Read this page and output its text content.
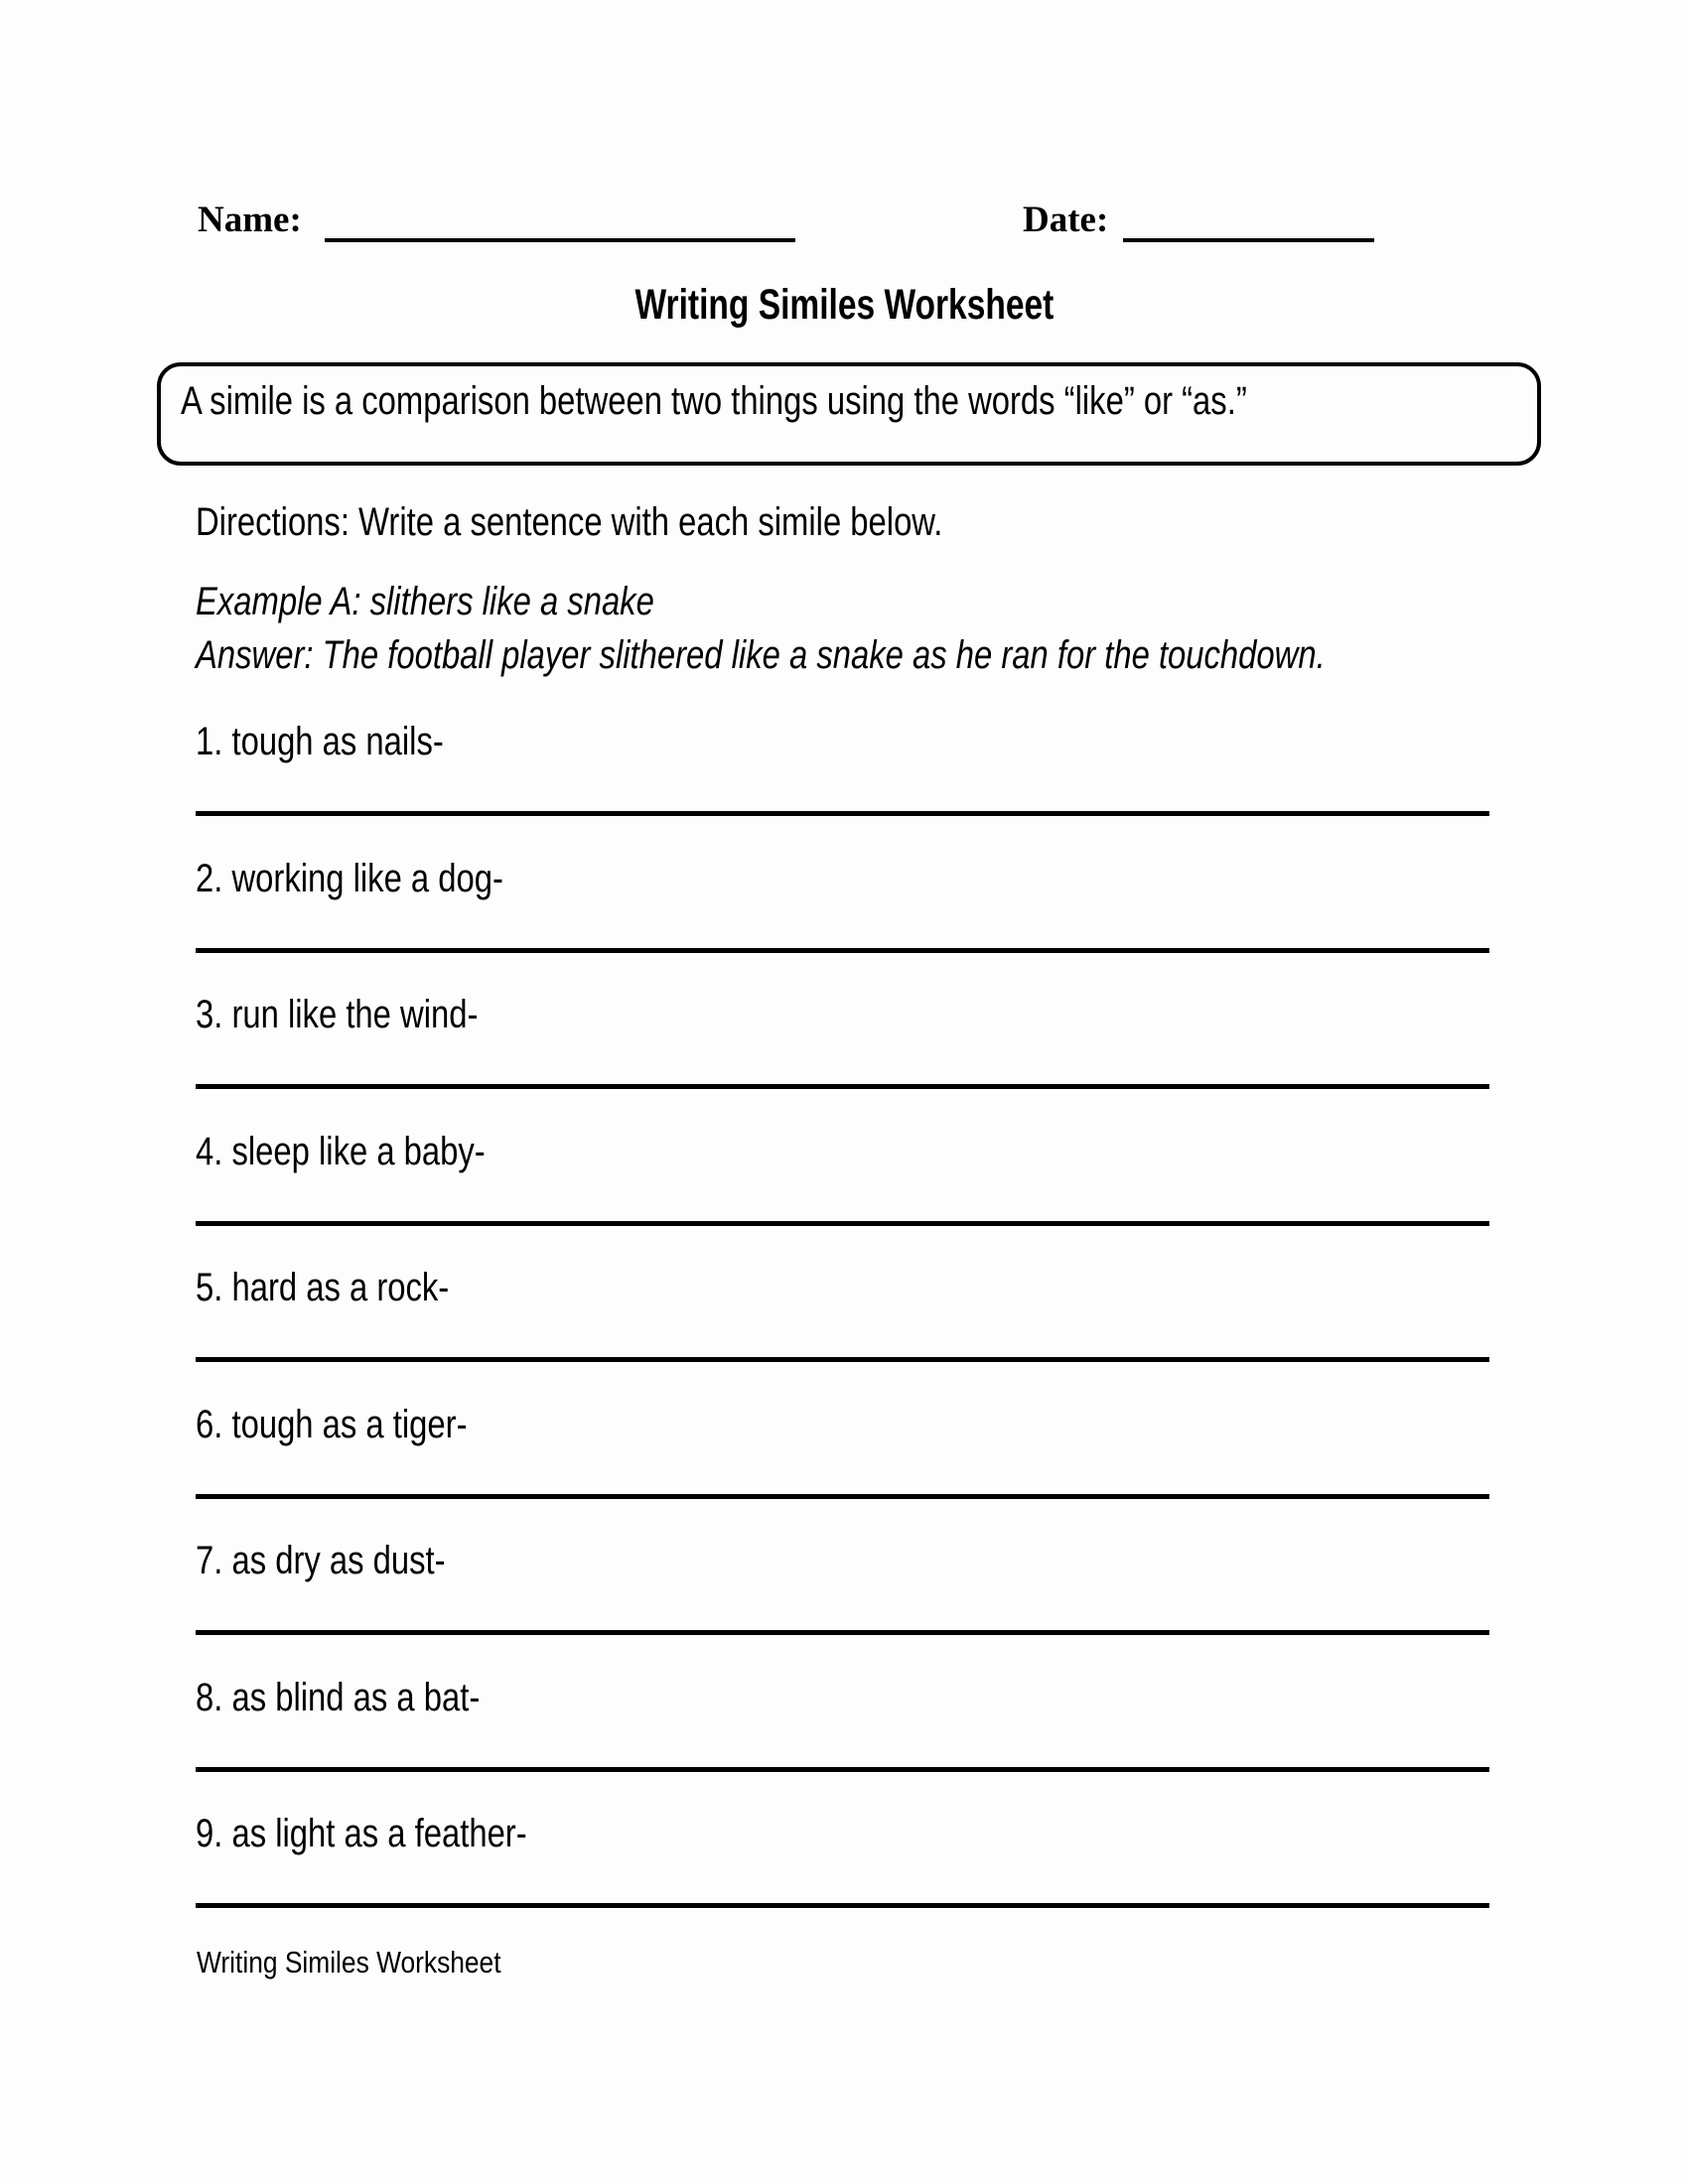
Name:	Date:
Writing Similes Worksheet
A simile is a comparison between two things using the words “like” or “as.”
Directions: Write a sentence with each simile below.
Example A: slithers like a snake
Answer: The football player slithered like a snake as he ran for the touchdown.
1. tough as nails-
2. working like a dog-
3. run like the wind-
4. sleep like a baby-
5. hard as a rock-
6. tough as a tiger-
7. as dry as dust-
8. as blind as a bat-
9. as light as a feather-
Writing Similes Worksheet
